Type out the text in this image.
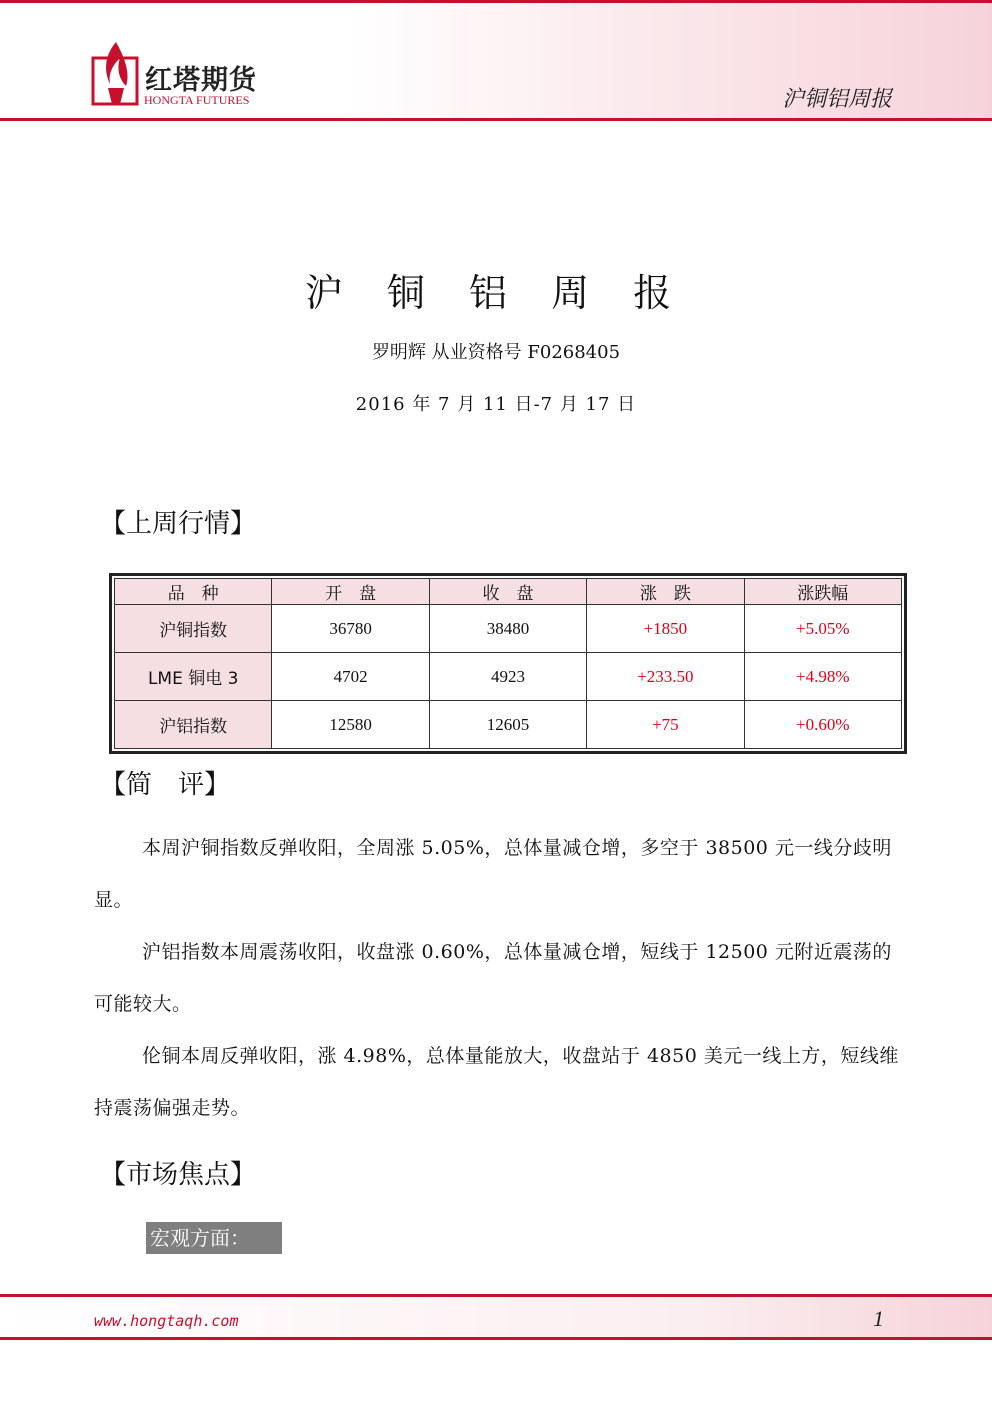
红塔期货
HONGTA FUTURES	沪铜铝周报
沪 铜 铝 周 报
罗明辉 从业资格号 F0268405
2016 年 7 月 11 日-7 月 17 日
【上周行情】
品　种	开　盘	收　盘	涨　跌	涨跌幅
沪铜指数	36780	38480	+1850	+5.05%
LME 铜电 3	4702	4923	+233.50	+4.98%
沪铝指数	12580	12605	+75	+0.60%
【简　评】
本周沪铜指数反弹收阳，全周涨 5.05%，总体量减仓增，多空于 38500 元一线分歧明显。
沪铝指数本周震荡收阳，收盘涨 0.60%，总体量减仓增，短线于 12500 元附近震荡的可能较大。
伦铜本周反弹收阳，涨 4.98%，总体量能放大，收盘站于 4850 美元一线上方，短线维持震荡偏强走势。
【市场焦点】
宏观方面：
www.hongtaqh.com	1
